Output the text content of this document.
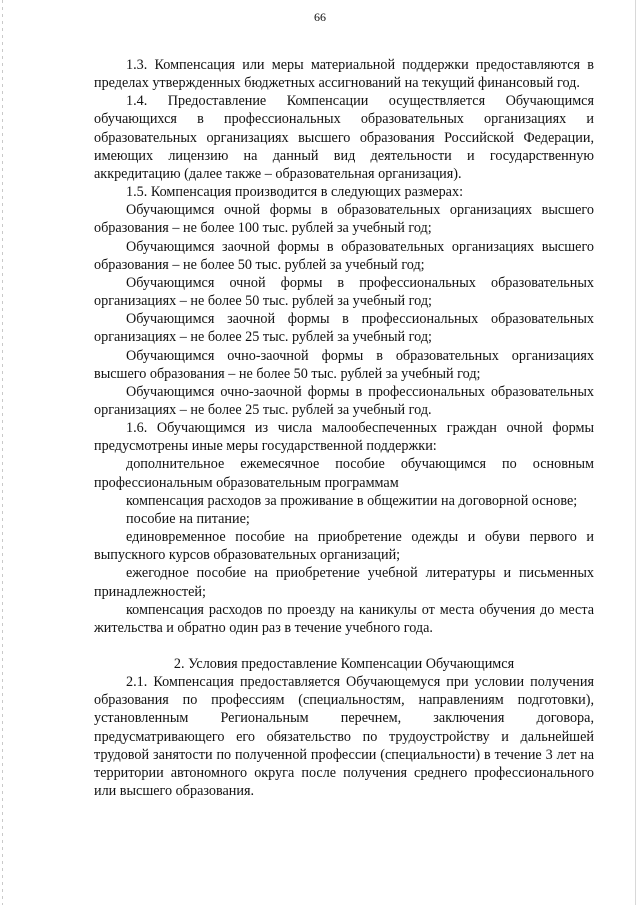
66

1.3. Компенсация или меры материальной поддержки предоставляются в пределах утвержденных бюджетных ассигнований на текущий финансовый год.

1.4. Предоставление Компенсации осуществляется Обучающимся обучающихся в профессиональных образовательных организациях и образовательных организациях высшего образования Российской Федерации, имеющих лицензию на данный вид деятельности и государственную аккредитацию (далее также – образовательная организация).

1.5. Компенсация производится в следующих размерах:

Обучающимся очной формы в образовательных организациях высшего образования – не более 100 тыс. рублей за учебный год;

Обучающимся заочной формы в образовательных организациях высшего образования – не более 50 тыс. рублей за учебный год;

Обучающимся очной формы в профессиональных образовательных организациях – не более 50 тыс. рублей за учебный год;

Обучающимся заочной формы в профессиональных образовательных организациях – не более 25 тыс. рублей за учебный год;

Обучающимся очно-заочной формы в образовательных организациях высшего образования – не более 50 тыс. рублей за учебный год;

Обучающимся очно-заочной формы в профессиональных образовательных организациях – не более 25 тыс. рублей за учебный год.

1.6. Обучающимся из числа малообеспеченных граждан очной формы предусмотрены иные меры государственной поддержки:

дополнительное ежемесячное пособие обучающимся по основным профессиональным образовательным программам

компенсация расходов за проживание в общежитии на договорной основе;

пособие на питание;

единовременное пособие на приобретение одежды и обуви первого и выпускного курсов образовательных организаций;

ежегодное пособие на приобретение учебной литературы и письменных принадлежностей;

компенсация расходов по проезду на каникулы от места обучения до места жительства и обратно один раз в течение учебного года.

2. Условия предоставление Компенсации Обучающимся

2.1. Компенсация предоставляется Обучающемуся при условии получения образования по профессиям (специальностям, направлениям подготовки), установленным Региональным перечнем, заключения договора, предусматривающего его обязательство по трудоустройству и дальнейшей трудовой занятости по полученной профессии (специальности) в течение 3 лет на территории автономного округа после получения среднего профессионального или высшего образования.
